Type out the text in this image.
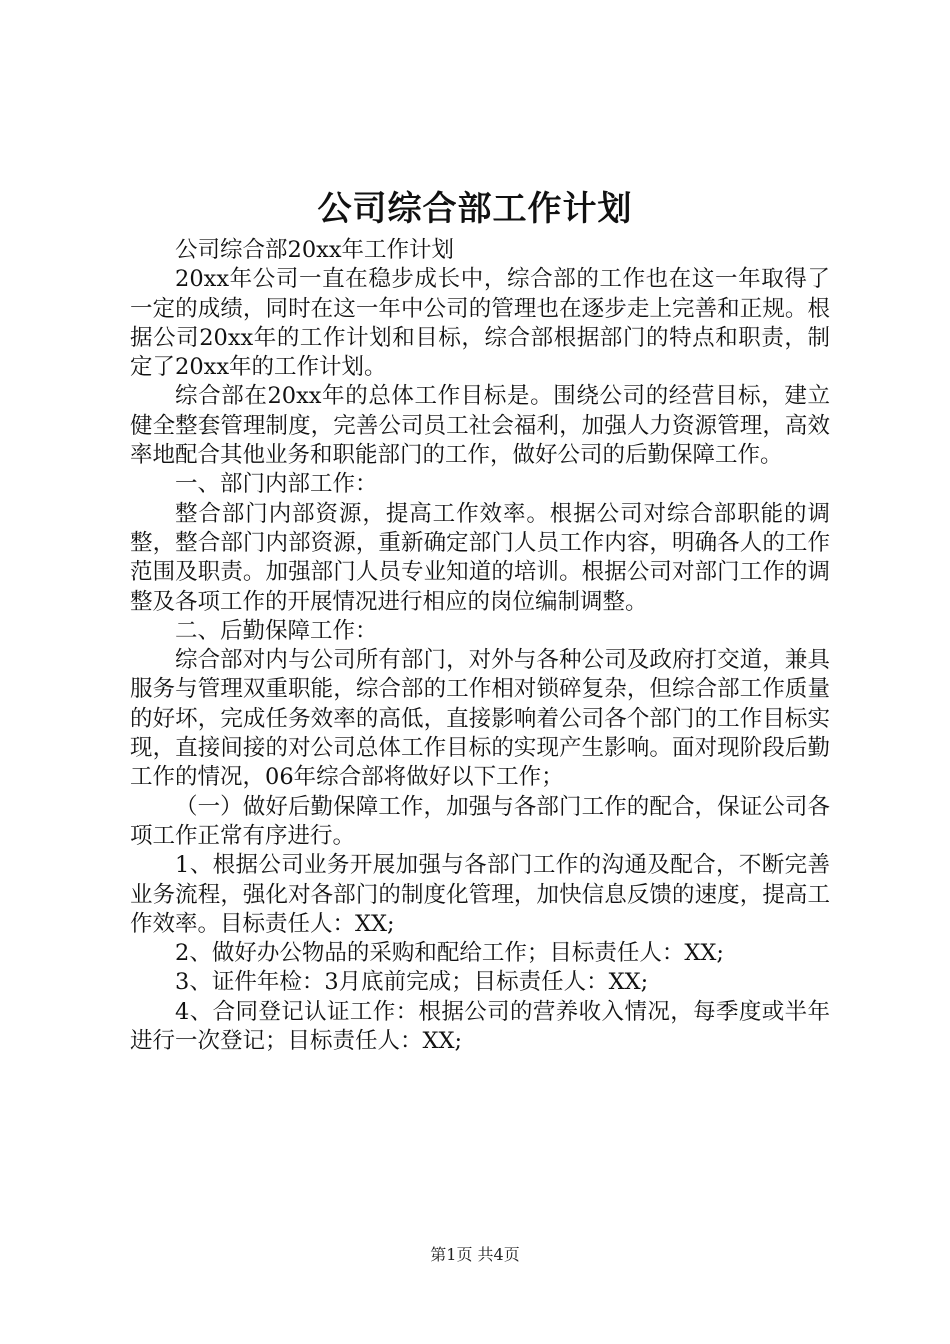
公司综合部工作计划

公司综合部20xx年工作计划

20xx年公司一直在稳步成长中，综合部的工作也在这一年取得了一定的成绩，同时在这一年中公司的管理也在逐步走上完善和正规。根据公司20xx年的工作计划和目标，综合部根据部门的特点和职责，制定了20xx年的工作计划。

综合部在20xx年的总体工作目标是。围绕公司的经营目标，建立健全整套管理制度，完善公司员工社会福利，加强人力资源管理，高效率地配合其他业务和职能部门的工作，做好公司的后勤保障工作。

一、部门内部工作：

整合部门内部资源，提高工作效率。根据公司对综合部职能的调整，整合部门内部资源，重新确定部门人员工作内容，明确各人的工作范围及职责。加强部门人员专业知道的培训。根据公司对部门工作的调整及各项工作的开展情况进行相应的岗位编制调整。

二、后勤保障工作：

综合部对内与公司所有部门，对外与各种公司及政府打交道，兼具服务与管理双重职能，综合部的工作相对锁碎复杂，但综合部工作质量的好坏，完成任务效率的高低，直接影响着公司各个部门的工作目标实现，直接间接的对公司总体工作目标的实现产生影响。面对现阶段后勤工作的情况，06年综合部将做好以下工作；

（一）做好后勤保障工作，加强与各部门工作的配合，保证公司各项工作正常有序进行。

1、根据公司业务开展加强与各部门工作的沟通及配合，不断完善业务流程，强化对各部门的制度化管理，加快信息反馈的速度，提高工作效率。目标责任人：XX;

2、做好办公物品的采购和配给工作；目标责任人：XX;

3、证件年检：3月底前完成；目标责任人：XX;

4、合同登记认证工作：根据公司的营养收入情况，每季度或半年进行一次登记；目标责任人：XX;

第1页 共4页
